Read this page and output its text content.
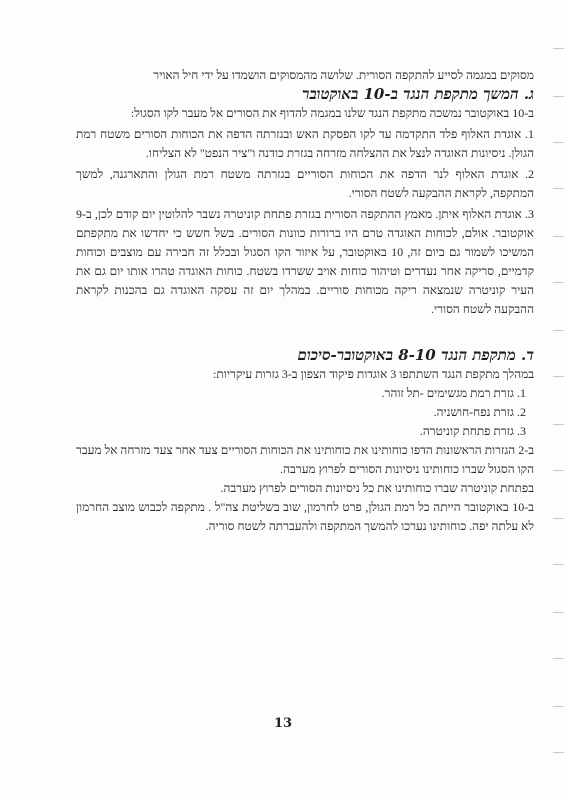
מסוקים במגמה לסייע להתקפה הסורית. שלושה מהמסוקים הושמדו על ידי חיל האויר

ג. המשך מתקפת הנגד ב-10 באוקטובר

ב-10 באוקטובר נמשכה מתקפת הנגד שלנו במגמה להדוף את הסורים אל מעבר לקו הסגול:

1. אוגדת האלוף פלד התקדמה עד לקו הפסקת האש ובגזרתה הדפה את הכוחות הסורים משטח רמת הגולן. ניסיונות האוגדה לנצל את ההצלחה מזרחה בגזרת כודנה ו"ציר הנפט" לא הצליחו.

2. אוגדת האלוף לנר הדפה את הכוחות הסוריים בגזרתה משטח רמת הגולן והתארגנה, למשך המתקפה, לקראת ההבקעה לשטח הסורי.

3. אוגדת האלוף איתן. מאמץ ההתקפה הסורית בגזרת פתחת קוניטרה נשבר להלוטין יום קודם לכן, ב-9 אוקטובר. אולם, לכוחות האוגדה טרם היו ברורות כוונות הסורים. בשל חשש כי יחדשו את מתקפתם המשיכו לשמור גם ביום זה, 10 באוקטובר, על איזור הקו הסגול ובכלל זה חבירה עם מוצבים וכוחות קדמיים, סריקה אחר נעדרים וטיהור כוחות אויב ששרדו בשטח. כוחות האוגדה טהרו אותו יום גם את העיר קוניטרה שנמצאה ריקה מכוחות סוריים. במהלך יום זה עסקה האוגדה גם בהכנות לקראת ההבקעה לשטח הסורי.

ד. מתקפת הנגד 8-10 באוקטובר-סיכום

במהלך מתקפת הנגד השתתפו 3 אוגדות פיקוד הצפון ב-3 גזרות עיקריות:

1. גזרת רמת מגשימים -תל זוהר.

2. גזרת נפח-חושניה.

3. גזרת פתחת קוניטרה.

ב-2 הגזרות הראשונות הדפו כוחותינו את כוחותינו את הכוחות הסוריים צעד אחר צעד מזרחה אל מעבר הקו הסגול שברו כוחותינו ניסיונות הסורים לפרוץ מערבה.

בפתחת קוניטרה שברו כוחותינו את כל ניסיונות הסורים לפרוץ מערבה.

ב-10 באוקטובר הייתה כל רמת הגולן, פרט לחרמון, שוב בשליטת צה"ל . מתקפה לכבוש מוצב החרמון לא עלתה יפה. כוחותינו נערכו להמשך המתקפה ולהעברתה לשטח סוריה.

13
